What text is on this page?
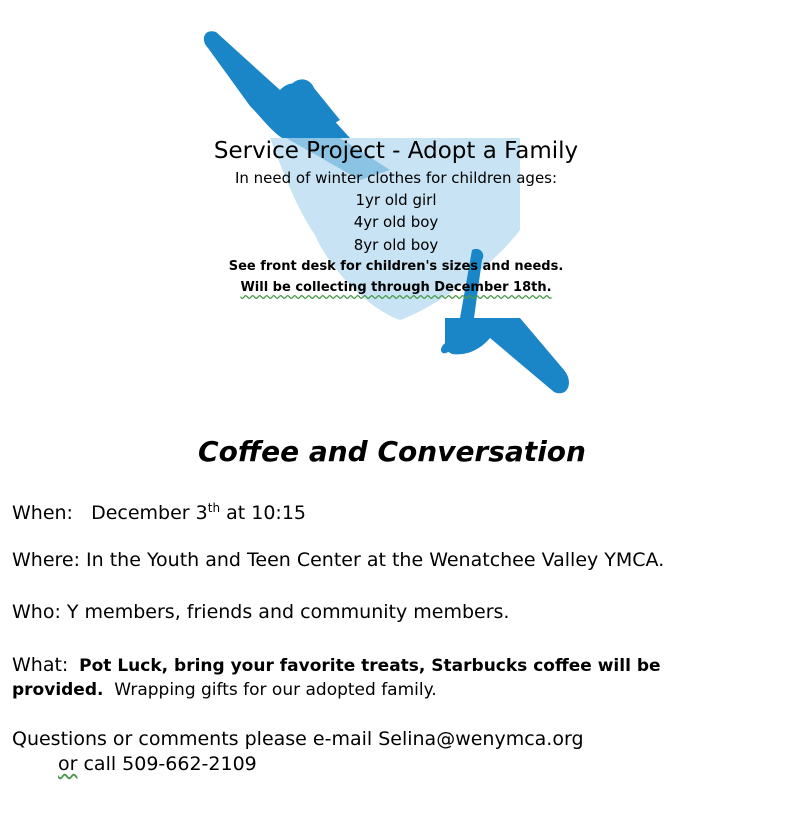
Service Project - Adopt a Family
In need of winter clothes for children ages:
1yr old girl
4yr old boy
8yr old boy
See front desk for children's sizes and needs.
Will be collecting through December 18th.
Coffee and Conversation
When: December 3th at 10:15
Where: In the Youth and Teen Center at the Wenatchee Valley YMCA.
Who: Y members, friends and community members.
What: Pot Luck, bring your favorite treats, Starbucks coffee will be provided. Wrapping gifts for our adopted family.
Questions or comments please e-mail Selina@wenymca.org
or call 509-662-2109
